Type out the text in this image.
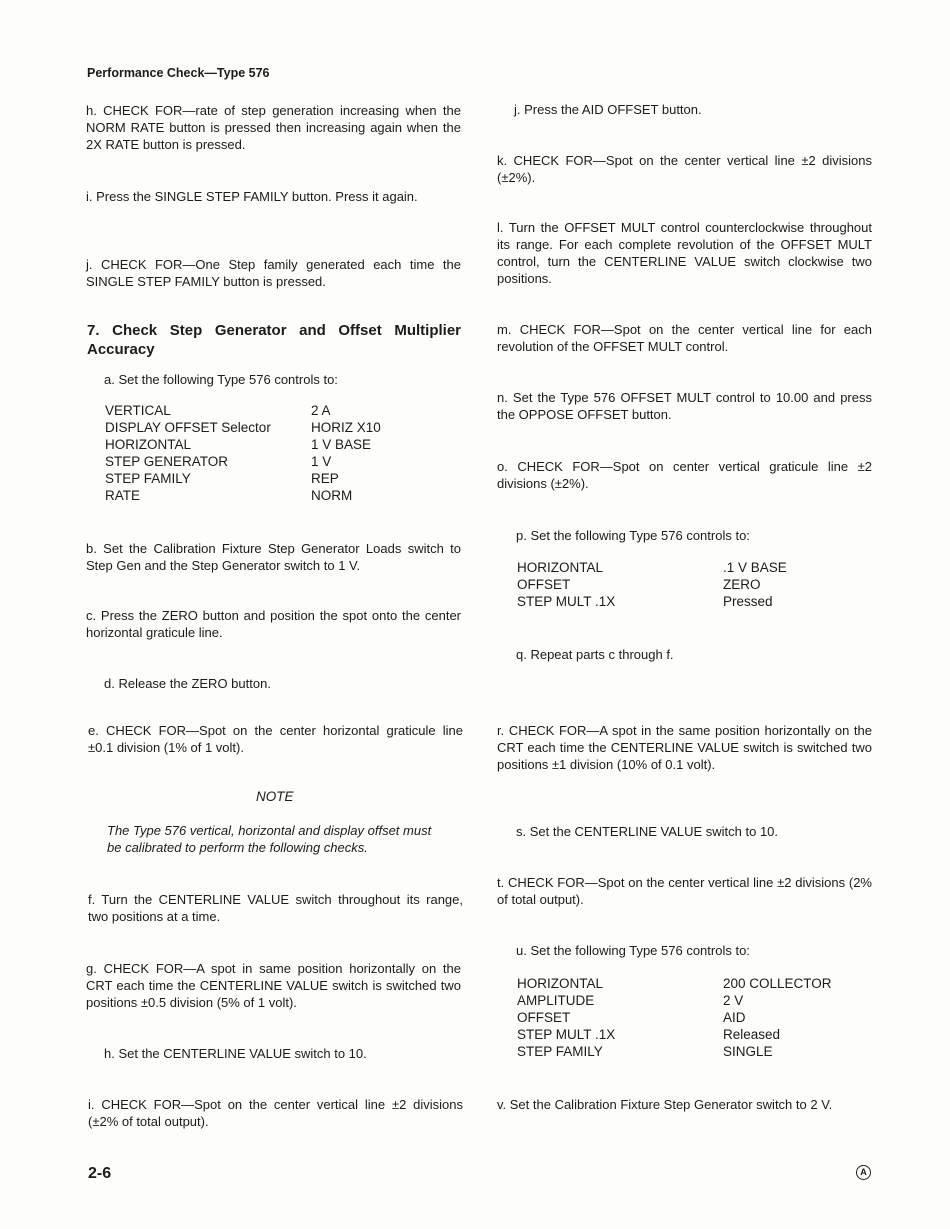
Performance Check—Type 576

h. CHECK FOR—rate of step generation increasing when the NORM RATE button is pressed then increasing again when the 2X RATE button is pressed.

i. Press the SINGLE STEP FAMILY button. Press it again.

j. CHECK FOR—One Step family generated each time the SINGLE STEP FAMILY button is pressed.

7. Check Step Generator and Offset Multiplier Accuracy

a. Set the following Type 576 controls to:

VERTICAL	2 A
DISPLAY OFFSET Selector	HORIZ X10
HORIZONTAL	1 V BASE
STEP GENERATOR	1 V
STEP FAMILY	REP
RATE	NORM

b. Set the Calibration Fixture Step Generator Loads switch to Step Gen and the Step Generator switch to 1 V.

c. Press the ZERO button and position the spot onto the center horizontal graticule line.

d. Release the ZERO button.

e. CHECK FOR—Spot on the center horizontal graticule line ±0.1 division (1% of 1 volt).

NOTE
The Type 576 vertical, horizontal and display offset must be calibrated to perform the following checks.

f. Turn the CENTERLINE VALUE switch throughout its range, two positions at a time.

g. CHECK FOR—A spot in same position horizontally on the CRT each time the CENTERLINE VALUE switch is switched two positions ±0.5 division (5% of 1 volt).

h. Set the CENTERLINE VALUE switch to 10.

i. CHECK FOR—Spot on the center vertical line ±2 divisions (±2% of total output).

j. Press the AID OFFSET button.

k. CHECK FOR—Spot on the center vertical line ±2 divisions (±2%).

l. Turn the OFFSET MULT control counterclockwise throughout its range. For each complete revolution of the OFFSET MULT control, turn the CENTERLINE VALUE switch clockwise two positions.

m. CHECK FOR—Spot on the center vertical line for each revolution of the OFFSET MULT control.

n. Set the Type 576 OFFSET MULT control to 10.00 and press the OPPOSE OFFSET button.

o. CHECK FOR—Spot on center vertical graticule line ±2 divisions (±2%).

p. Set the following Type 576 controls to:

HORIZONTAL	.1 V BASE
OFFSET	ZERO
STEP MULT .1X	Pressed

q. Repeat parts c through f.

r. CHECK FOR—A spot in the same position horizontally on the CRT each time the CENTERLINE VALUE switch is switched two positions ±1 division (10% of 0.1 volt).

s. Set the CENTERLINE VALUE switch to 10.

t. CHECK FOR—Spot on the center vertical line ±2 divisions (2% of total output).

u. Set the following Type 576 controls to:

HORIZONTAL	200 COLLECTOR
AMPLITUDE	2 V
OFFSET	AID
STEP MULT .1X	Released
STEP FAMILY	SINGLE

v. Set the Calibration Fixture Step Generator switch to 2 V.

2-6	A
